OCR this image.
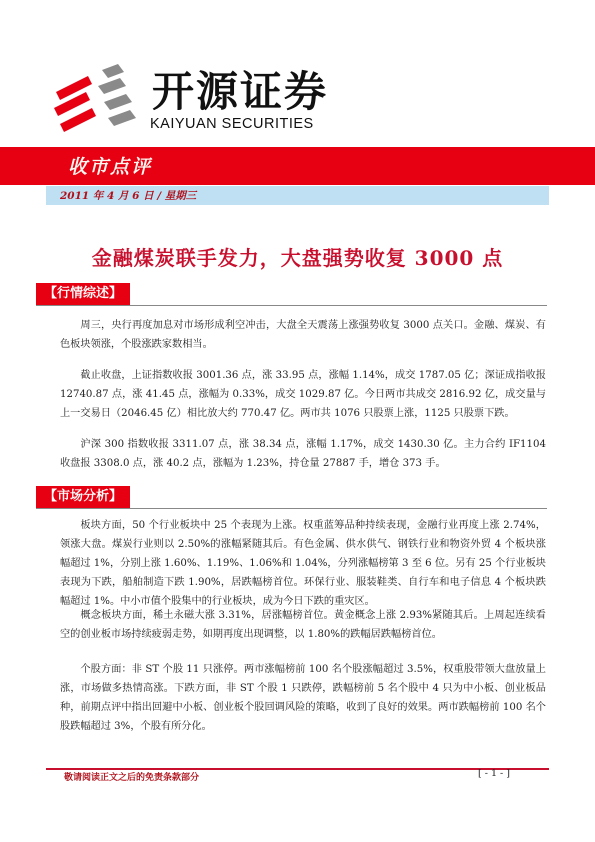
开源证券
KAIYUAN SECURITIES
收市点评
2011 年 4 月 6 日 / 星期三
金融煤炭联手发力，大盘强势收复 3000 点
【行情综述】

周三，央行再度加息对市场形成利空冲击，大盘全天震荡上涨强势收复 3000 点关口。金融、煤炭、有色板块领涨，个股涨跌家数相当。

截止收盘，上证指数收报 3001.36 点，涨 33.95 点，涨幅 1.14%，成交 1787.05 亿；深证成指收报 12740.87 点，涨 41.45 点，涨幅为 0.33%，成交 1029.87 亿。今日两市共成交 2816.92 亿，成交量与上一交易日（2046.45 亿）相比放大约 770.47 亿。两市共 1076 只股票上涨，1125 只股票下跌。

沪深 300 指数收报 3311.07 点，涨 38.34 点，涨幅 1.17%，成交 1430.30 亿。主力合约 IF1104 收盘报 3308.0 点，涨 40.2 点，涨幅为 1.23%，持仓量 27887 手，增仓 373 手。

【市场分析】

板块方面，50 个行业板块中 25 个表现为上涨。权重蓝筹品种持续表现，金融行业再度上涨 2.74%，领涨大盘。煤炭行业则以 2.50%的涨幅紧随其后。有色金属、供水供气、钢铁行业和物资外贸 4 个板块涨幅超过 1%，分别上涨 1.60%、1.19%、1.06%和 1.04%，分列涨幅榜第 3 至 6 位。另有 25 个行业板块表现为下跌，船舶制造下跌 1.90%，居跌幅榜首位。环保行业、服装鞋类、自行车和电子信息 4 个板块跌幅超过 1%。中小市值个股集中的行业板块，成为今日下跌的重灾区。

概念板块方面，稀土永磁大涨 3.31%，居涨幅榜首位。黄金概念上涨 2.93%紧随其后。上周起连续看空的创业板市场持续疲弱走势，如期再度出现调整，以 1.80%的跌幅居跌幅榜首位。

个股方面：非 ST 个股 11 只涨停。两市涨幅榜前 100 名个股涨幅超过 3.5%，权重股带领大盘放量上涨，市场做多热情高涨。下跌方面，非 ST 个股 1 只跌停，跌幅榜前 5 名个股中 4 只为中小板、创业板品种，前期点评中指出回避中小板、创业板个股回调风险的策略，收到了良好的效果。两市跌幅榜前 100 名个股跌幅超过 3%，个股有所分化。

敬请阅读正文之后的免责条款部分	[ - 1 - ]
